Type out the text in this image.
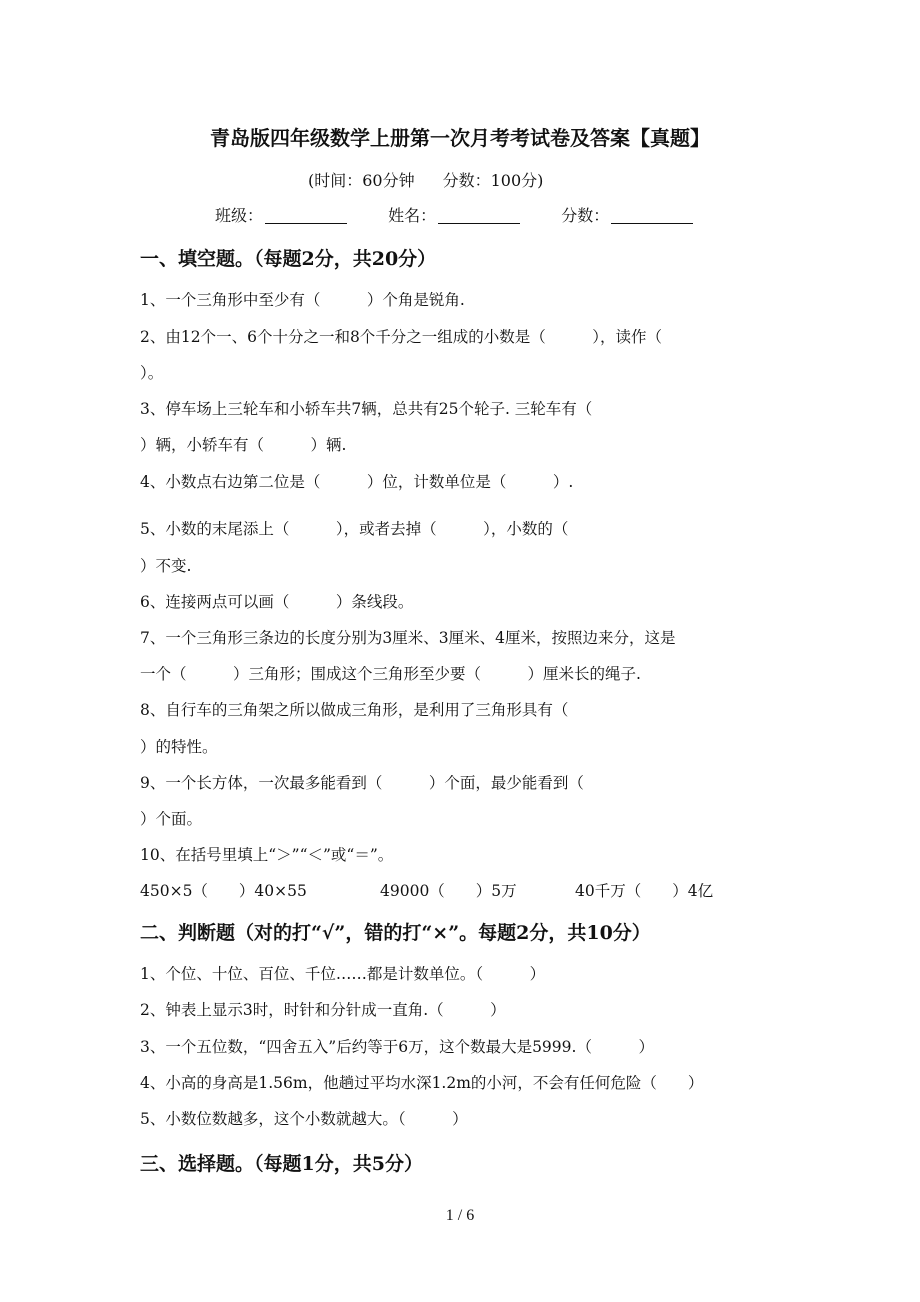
青岛版四年级数学上册第一次月考考试卷及答案【真题】
(时间：60分钟 分数：100分)
班级：	姓名：	分数：
一、填空题。（每题2分，共20分）
1、一个三角形中至少有（　　　）个角是锐角.
2、由12个一、6个十分之一和8个千分之一组成的小数是（　　　），读作（
）。
3、停车场上三轮车和小轿车共7辆，总共有25个轮子. 三轮车有（
）辆，小轿车有（　　　）辆.
4、小数点右边第二位是（　　　）位，计数单位是（　　　）.
5、小数的末尾添上（　　　），或者去掉（　　　），小数的（
）不变.
6、连接两点可以画（　　　）条线段。
7、一个三角形三条边的长度分别为3厘米、3厘米、4厘米，按照边来分，这是
一个（　　　）三角形；围成这个三角形至少要（　　　）厘米长的绳子.
8、自行车的三角架之所以做成三角形，是利用了三角形具有（
）的特性。
9、一个长方体，一次最多能看到（　　　）个面，最少能看到（
）个面。
10、在括号里填上“＞”“＜”或“＝”。
450×5（　　）40×55	49000（　　）5万	40千万（　　）4亿
二、判断题（对的打“√”，错的打“×”。每题2分，共10分）
1、个位、十位、百位、千位……都是计数单位。（　　　）
2、钟表上显示3时，时针和分针成一直角.（　　　）
3、一个五位数，“四舍五入”后约等于6万，这个数最大是5999.（　　　）
4、小高的身高是1.56m，他趟过平均水深1.2m的小河，不会有任何危险（　　）
5、小数位数越多，这个小数就越大。（　　　）
三、选择题。（每题1分，共5分）
1 / 6
